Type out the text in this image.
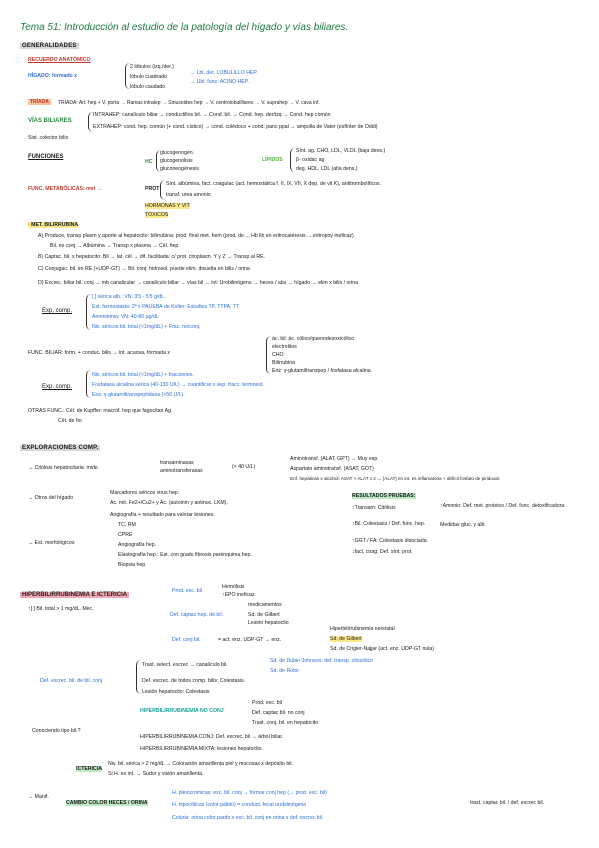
Tema 51: Introducción al estudio de la patología del hígado y vías biliares.
GENERALIDADES
RECUERDO ANATÓMICO
2 lóbulos (izq./der.)
HÍGADO: formado x	lóbulo cuadrado
→ Lbl. der. LOBULILLO HEP.
lóbulo caudado
→ Ubl. func: ACINO HEP.
TRÍADA	TRÍADA: Art. hep + V. porta → Ramas intralep → Sinusoides hep → V. centrolobulillares → V. suprahep → V. cava inf.
VÍAS BILIARES
INTRAHEP: canalículo biliar → conductillos bil. → Cond. bil. → Cond. hep. der/izq → Cond. hep común
EXTRAHEP: cond. hep. común (+ cond. cístico) → cond. colédoco + cond. panc ppal → ampolla de Vater (esfínter de Oddi)
Sist. colector bilis
FUNCIONES
glucogenogén.
HC glucogenólisis
gluconeogénesis
LÍPIDOS
Sínt. ag. CHO, LDL, VLDL (baja dens.)
β- oxidac ag
deg. HDL, LDL (alta dens.)
FUNC. METABÓLICAS: met →	PROT
Sínt. albúmina, fact. coagulac (act. hemostática f. II, IX, VII, X dep. de vit K), antitrombolíticos.
transf. urea amonio
HORMONAS Y VIT
TÓXICOS
· MET. BILIRRUBINA
A) Produce, transp plasm y aporte al hepatocito: bilirrubina: prod. final met. hem (prod. de ... Hb lib en eritrocatéresis ... eritropoy ineficaz)
Bil. no conj → Albúmina → Transp x plasma → Cél. hep.
B) Captac. bil. x hepatocito: Bil → lat. cél → dif. facilitada: c/ prot. citoplasm. Y y Z → Transp al RE.
C) Conjugac. bil. en RE (+UDP-GT) → Bil. conj: hidrosol. puede elim. disuelta en bilis / orina
D) Excrec. biliar bil. conj → mb canalicular → canalículo biliar → vías bil → int: Urobilinógeno → heces / abs → hígado → elim x bilis / orina
Exp. comp.
[ ] sérica alb.: VN: 3'5 - 5'5 g/dL.
Est. hemostasia: 2ª x PAUEBA de Koller: Estudios TP, TTPA, TT.
Amoniemia: VN: 40-80 µg/dL
Niv. séricos bil. total (<1mg/dL) + Frac. no/conj.
FUNC. BILIAR: form. + conduc. bilis → int. acuosa, formada x
ác. bil: ác. cólico/quenodesoxicólico
electrolitos
CHO
Bilirrubina
Enz: γ-glutamiltranspep / fosfatasa alcalina
Exp. comp.
Niv. séricos bil. total (<1mg/dL) + fracciones.
Fosfatasa alcalina sérica (40-130 U/L) → cuantificar x sep. fracc. termoest.
Enz. γ-glutamiltranspeptidasa (<50 U/L).
OTRAS FUNC.: Cél. de Kupffer: macróf. hep que fagocitan Ag.
Cél. de Ito
EXPLORACIONES COMP.
→ Citólisis hepatocitaria: mide
transaminasas
aminotransferasas
(< 40 U/L)
Aminotransf. (ALAT, GPT) → Muy esp.
Aspartato aminotransf. (ASAT, GOT)
Enf. hepáticas x alcohol: ASAT > ALAT x 2 → [ALAT] en int. es inflamatoria + déficit fosfato de piridoxal.
→ Otros del hígado
Marcadores séricos virus hep.
Ac. mit. Fe2+/Cu2+ y Ac. (autoinm y antinuc. LKM).
RESULTADOS PRUEBAS:
↑Transam: Citólisis	↑Amonio: Def. met. proteico / Def. func. detoxificadora
↑Bil. Colestasis / Def. func. hep.	Medidas gluc. y alb.
↑GGT / FA: Colestasis disociada
↓fact. coag: Def. sínt. prot.
Angiografía + resultado para valorar lesiones.
TC, RM
→ Est. morfológicos
CPRE
Angiografía hep.
Elastografía hep.: Est. con grado fibrosis parénquima hep.
Biopsia hep.
HIPERBILIRRUBINEMIA E ICTERICIA
↑[ ] Bil. total > 1 mg/dL. Mec.
Prod. exc. bil
Hemólisis
↑EPO ineficaz
Def. captac hep. de bil.
medicamentos
Sd. de Gilbert
Lesión hepatocito
Def. conj bil.	= act. enz. UDP-GT → enz.
Hiperbilirrubinemia neonatal
Sd. de Gilbert
Sd. de Crigler-Najjar (act. enz. UDP-GT nula)
Def. excrec. bil. de bil. conj
Trast. select. excrec → canalículo bil.
Sd. de Dubin-Johnson: def. transp. citosólico
Sd. de Rotor
Def. excrec. de todos comp. bilis: Colestasis.
Lesión hepatocito: Colestasis
Conociendo tipo bil.?
HIPERBILIRRUBINEMIA NO CONJ
Prod. exc. bil
Def. captac bil. no conj
Trast. conj. bil. en hepatocito
HIPERBILIRRUBINEMIA CONJ: Def. excrec. bil → árbol biliar.
HIPERBILIRRUBINEMIA MIXTA: lesiones hepatocito.
ICTERICIA
Niv. bil. sérica > 2 mg/dL → Coloración amarillenta piel y mucosas x depósito bil.
Si H. es int. → Sudor y visión amarillenta.
→ Manif.
CAMBIO COLOR HECES / ORINA
H. pleiocrómicas: exc. bil. conj → formar conj hep (→ prod. exc. bil)
H. hipocólicas (color pálido) = conduct. fecal urobilinógeno	trast. captac bil. / def. excrec bil.
Coluria: orina color pardo x exc. bil. conj en orina x def. excrec bil.
